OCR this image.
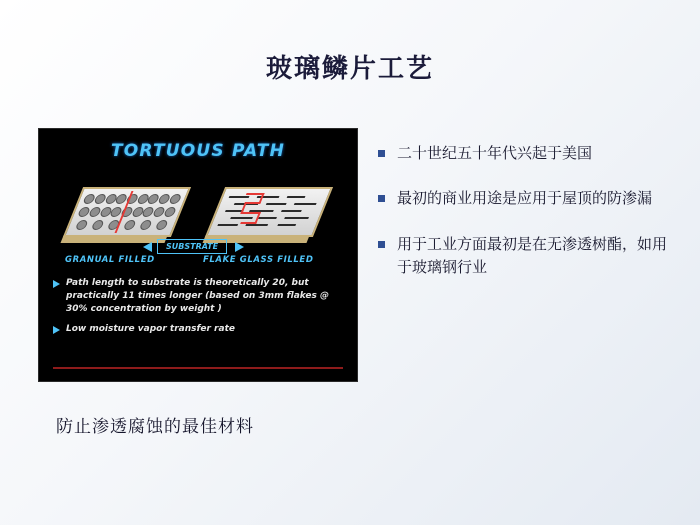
玻璃鳞片工艺
TORTUOUS PATH
SUBSTRATE
GRANUAL FILLED	FLAKE GLASS FILLED
Path length to substrate is theoretically 20, but practically 11 times longer (based on 3mm flakes @ 30% concentration by weight )
Low moisture vapor transfer rate
二十世纪五十年代兴起于美国
最初的商业用途是应用于屋顶的防渗漏
用于工业方面最初是在无渗透树酯，如用于玻璃钢行业
防止渗透腐蚀的最佳材料
